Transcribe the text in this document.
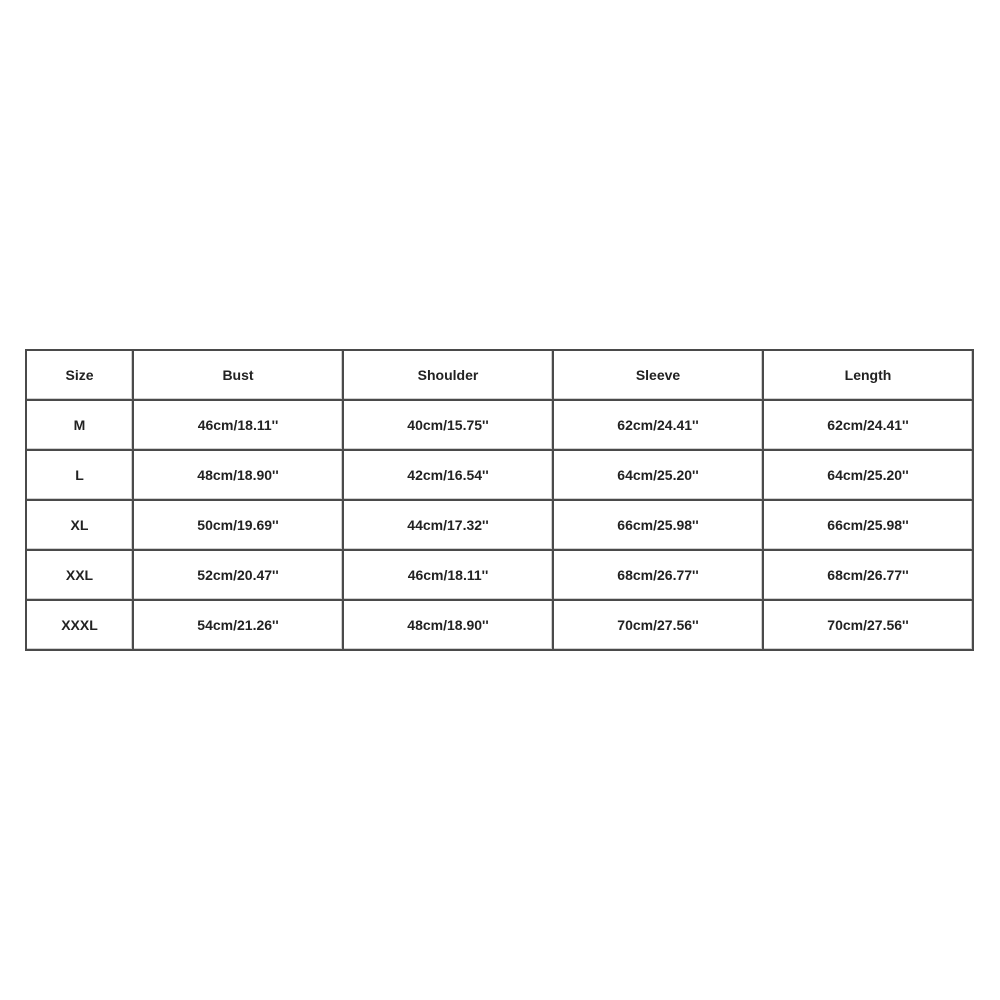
Size	Bust	Shoulder	Sleeve	Length
M	46cm/18.11''	40cm/15.75''	62cm/24.41''	62cm/24.41''
L	48cm/18.90''	42cm/16.54''	64cm/25.20''	64cm/25.20''
XL	50cm/19.69''	44cm/17.32''	66cm/25.98''	66cm/25.98''
XXL	52cm/20.47''	46cm/18.11''	68cm/26.77''	68cm/26.77''
XXXL	54cm/21.26''	48cm/18.90''	70cm/27.56''	70cm/27.56''
